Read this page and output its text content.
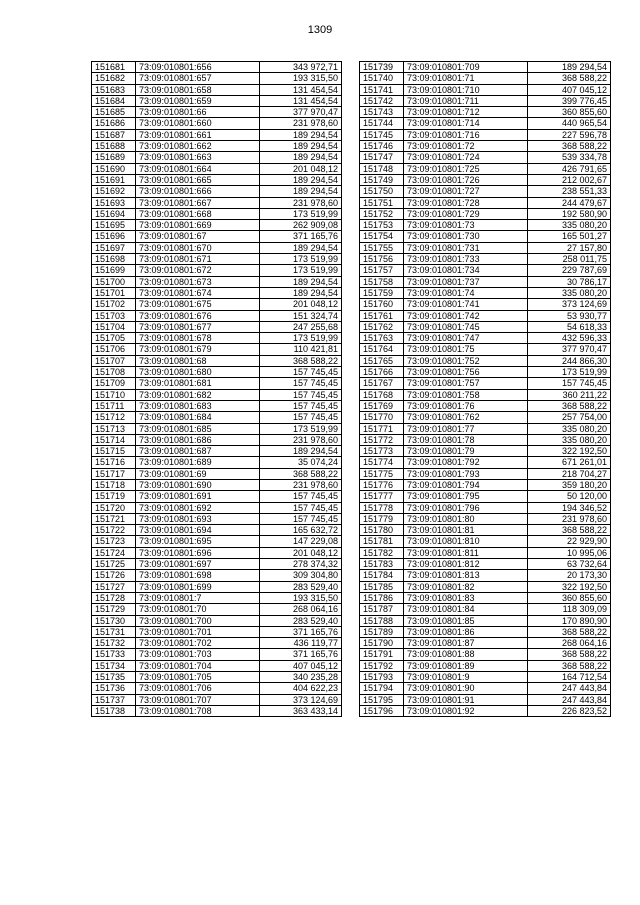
1309
151681	73:09:010801:656	343 972,71
151682	73:09:010801:657	193 315,50
151683	73:09:010801:658	131 454,54
151684	73:09:010801:659	131 454,54
151685	73:09:010801:66	377 970,47
151686	73:09:010801:660	231 978,60
151687	73:09:010801:661	189 294,54
151688	73:09:010801:662	189 294,54
151689	73:09:010801:663	189 294,54
151690	73:09:010801:664	201 048,12
151691	73:09:010801:665	189 294,54
151692	73:09:010801:666	189 294,54
151693	73:09:010801:667	231 978,60
151694	73:09:010801:668	173 519,99
151695	73:09:010801:669	262 909,08
151696	73:09:010801:67	371 165,76
151697	73:09:010801:670	189 294,54
151698	73:09:010801:671	173 519,99
151699	73:09:010801:672	173 519,99
151700	73:09:010801:673	189 294,54
151701	73:09:010801:674	189 294,54
151702	73:09:010801:675	201 048,12
151703	73:09:010801:676	151 324,74
151704	73:09:010801:677	247 255,68
151705	73:09:010801:678	173 519,99
151706	73:09:010801:679	110 421,81
151707	73:09:010801:68	368 588,22
151708	73:09:010801:680	157 745,45
151709	73:09:010801:681	157 745,45
151710	73:09:010801:682	157 745,45
151711	73:09:010801:683	157 745,45
151712	73:09:010801:684	157 745,45
151713	73:09:010801:685	173 519,99
151714	73:09:010801:686	231 978,60
151715	73:09:010801:687	189 294,54
151716	73:09:010801:689	35 074,24
151717	73:09:010801:69	368 588,22
151718	73:09:010801:690	231 978,60
151719	73:09:010801:691	157 745,45
151720	73:09:010801:692	157 745,45
151721	73:09:010801:693	157 745,45
151722	73:09:010801:694	165 632,72
151723	73:09:010801:695	147 229,08
151724	73:09:010801:696	201 048,12
151725	73:09:010801:697	278 374,32
151726	73:09:010801:698	309 304,80
151727	73:09:010801:699	283 529,40
151728	73:09:010801:7	193 315,50
151729	73:09:010801:70	268 064,16
151730	73:09:010801:700	283 529,40
151731	73:09:010801:701	371 165,76
151732	73:09:010801:702	436 119,77
151733	73:09:010801:703	371 165,76
151734	73:09:010801:704	407 045,12
151735	73:09:010801:705	340 235,28
151736	73:09:010801:706	404 622,23
151737	73:09:010801:707	373 124,69
151738	73:09:010801:708	363 433,14
151739	73:09:010801:709	189 294,54
151740	73:09:010801:71	368 588,22
151741	73:09:010801:710	407 045,12
151742	73:09:010801:711	399 776,45
151743	73:09:010801:712	360 855,60
151744	73:09:010801:714	440 965,54
151745	73:09:010801:716	227 596,78
151746	73:09:010801:72	368 588,22
151747	73:09:010801:724	539 334,78
151748	73:09:010801:725	426 791,65
151749	73:09:010801:726	212 002,67
151750	73:09:010801:727	238 551,33
151751	73:09:010801:728	244 479,67
151752	73:09:010801:729	192 580,90
151753	73:09:010801:73	335 080,20
151754	73:09:010801:730	165 501,27
151755	73:09:010801:731	27 157,80
151756	73:09:010801:733	258 011,75
151757	73:09:010801:734	229 787,69
151758	73:09:010801:737	30 786,17
151759	73:09:010801:74	335 080,20
151760	73:09:010801:741	373 124,69
151761	73:09:010801:742	53 930,77
151762	73:09:010801:745	54 618,33
151763	73:09:010801:747	432 596,33
151764	73:09:010801:75	377 970,47
151765	73:09:010801:752	244 866,30
151766	73:09:010801:756	173 519,99
151767	73:09:010801:757	157 745,45
151768	73:09:010801:758	360 211,22
151769	73:09:010801:76	368 588,22
151770	73:09:010801:762	257 754,00
151771	73:09:010801:77	335 080,20
151772	73:09:010801:78	335 080,20
151773	73:09:010801:79	322 192,50
151774	73:09:010801:792	671 261,01
151775	73:09:010801:793	218 704,27
151776	73:09:010801:794	359 180,20
151777	73:09:010801:795	50 120,00
151778	73:09:010801:796	194 346,52
151779	73:09:010801:80	231 978,60
151780	73:09:010801:81	368 588,22
151781	73:09:010801:810	22 929,90
151782	73:09:010801:811	10 995,06
151783	73:09:010801:812	63 732,64
151784	73:09:010801:813	20 173,30
151785	73:09:010801:82	322 192,50
151786	73:09:010801:83	360 855,60
151787	73:09:010801:84	118 309,09
151788	73:09:010801:85	170 890,90
151789	73:09:010801:86	368 588,22
151790	73:09:010801:87	268 064,16
151791	73:09:010801:88	368 588,22
151792	73:09:010801:89	368 588,22
151793	73:09:010801:9	164 712,54
151794	73:09:010801:90	247 443,84
151795	73:09:010801:91	247 443,84
151796	73:09:010801:92	226 823,52
